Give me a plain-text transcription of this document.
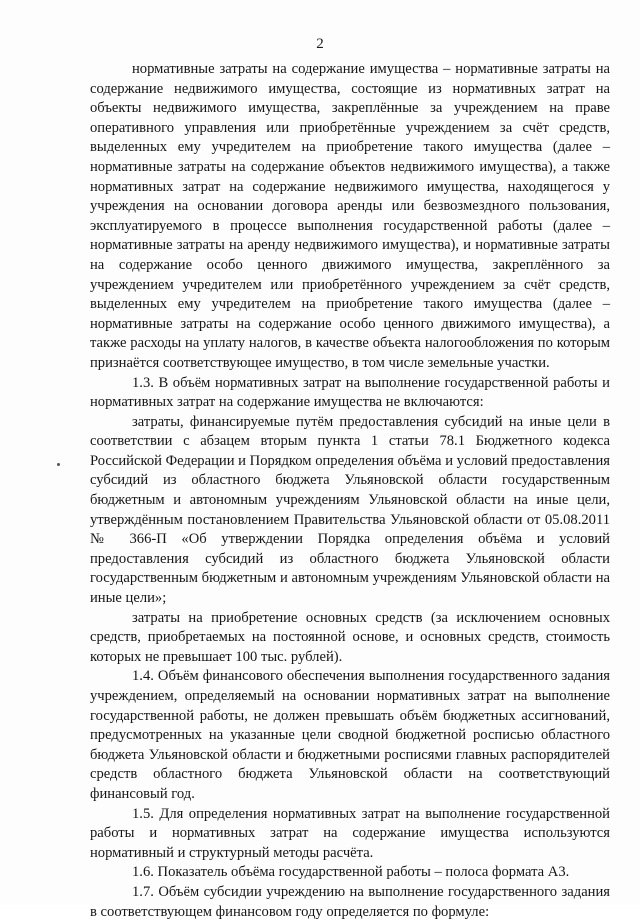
2

нормативные затраты на содержание имущества – нормативные затраты на содержание недвижимого имущества, состоящие из нормативных затрат на объекты недвижимого имущества, закреплённые за учреждением на праве оперативного управления или приобретённые учреждением за счёт средств, выделенных ему учредителем на приобретение такого имущества (далее – нормативные затраты на содержание объектов недвижимого имущества), а также нормативных затрат на содержание недвижимого имущества, находящегося у учреждения на основании договора аренды или безвозмездного пользования, эксплуатируемого в процессе выполнения государственной работы (далее – нормативные затраты на аренду недвижимого имущества), и нормативные затраты на содержание особо ценного движимого имущества, закреплённого за учреждением учредителем или приобретённого учреждением за счёт средств, выделенных ему учредителем на приобретение такого имущества (далее – нормативные затраты на содержание особо ценного движимого имущества), а также расходы на уплату налогов, в качестве объекта налогообложения по которым признаётся соответствующее имущество, в том числе земельные участки.

1.3. В объём нормативных затрат на выполнение государственной работы и нормативных затрат на содержание имущества не включаются:

затраты, финансируемые путём предоставления субсидий на иные цели в соответствии с абзацем вторым пункта 1 статьи 78.1 Бюджетного кодекса Российской Федерации и Порядком определения объёма и условий предоставления субсидий из областного бюджета Ульяновской области государственным бюджетным и автономным учреждениям Ульяновской области на иные цели, утверждённым постановлением Правительства Ульяновской области от 05.08.2011 № 366-П «Об утверждении Порядка определения объёма и условий предоставления субсидий из областного бюджета Ульяновской области государственным бюджетным и автономным учреждениям Ульяновской области на иные цели»;

затраты на приобретение основных средств (за исключением основных средств, приобретаемых на постоянной основе, и основных средств, стоимость которых не превышает 100 тыс. рублей).

1.4. Объём финансового обеспечения выполнения государственного задания учреждением, определяемый на основании нормативных затрат на выполнение государственной работы, не должен превышать объём бюджетных ассигнований, предусмотренных на указанные цели сводной бюджетной росписью областного бюджета Ульяновской области и бюджетными росписями главных распорядителей средств областного бюджета Ульяновской области на соответствующий финансовый год.

1.5. Для определения нормативных затрат на выполнение государственной работы и нормативных затрат на содержание имущества используются нормативный и структурный методы расчёта.

1.6. Показатель объёма государственной работы – полоса формата А3.

1.7. Объём субсидии учреждению на выполнение государственного задания в соответствующем финансовом году определяется по формуле:
